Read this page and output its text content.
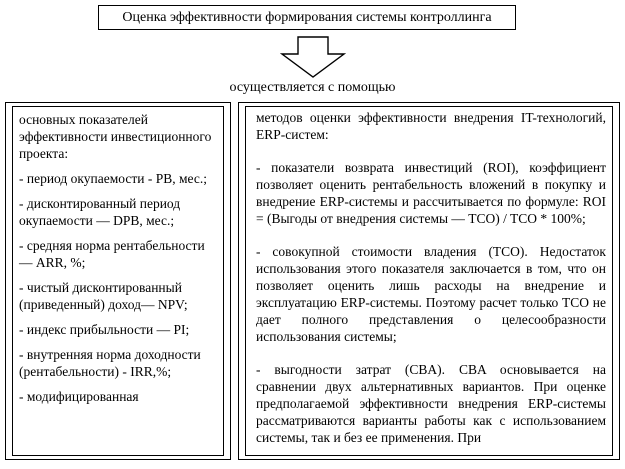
Оценка эффективности формирования системы контроллинга
осуществляется с помощью
основных показателей эффективности инвестиционного проекта:
- период окупаемости - PB, мес.;
- дисконтированный период окупаемости — DPB, мес.;
- средняя норма рентабельности — ARR, %;
- чистый дисконтированный (приведенный) доход— NPV;
- индекс прибыльности — PI;
- внутренняя норма доходности (рентабельности) - IRR,%;
- модифицированная
методов оценки эффективности внедрения IT-технологий, ERP-систем:
- показатели возврата инвестиций (ROI), коэффициент позволяет оценить рентабельность вложений в покупку и внедрение ERP-системы и рассчитывается по формуле: ROI = (Выгоды от внедрения системы — TCO) / TCO * 100%;
- совокупной стоимости владения (TCO). Недостаток использования этого показателя заключается в том, что он позволяет оценить лишь расходы на внедрение и эксплуатацию ERP-системы. Поэтому расчет только TCO не дает полного представления о целесообразности использования системы;
- выгодности затрат (CBA). CBA основывается на сравнении двух альтернативных вариантов. При оценке предполагаемой эффективности внедрения ERP-системы рассматриваются варианты работы как с использованием системы, так и без ее применения. При
